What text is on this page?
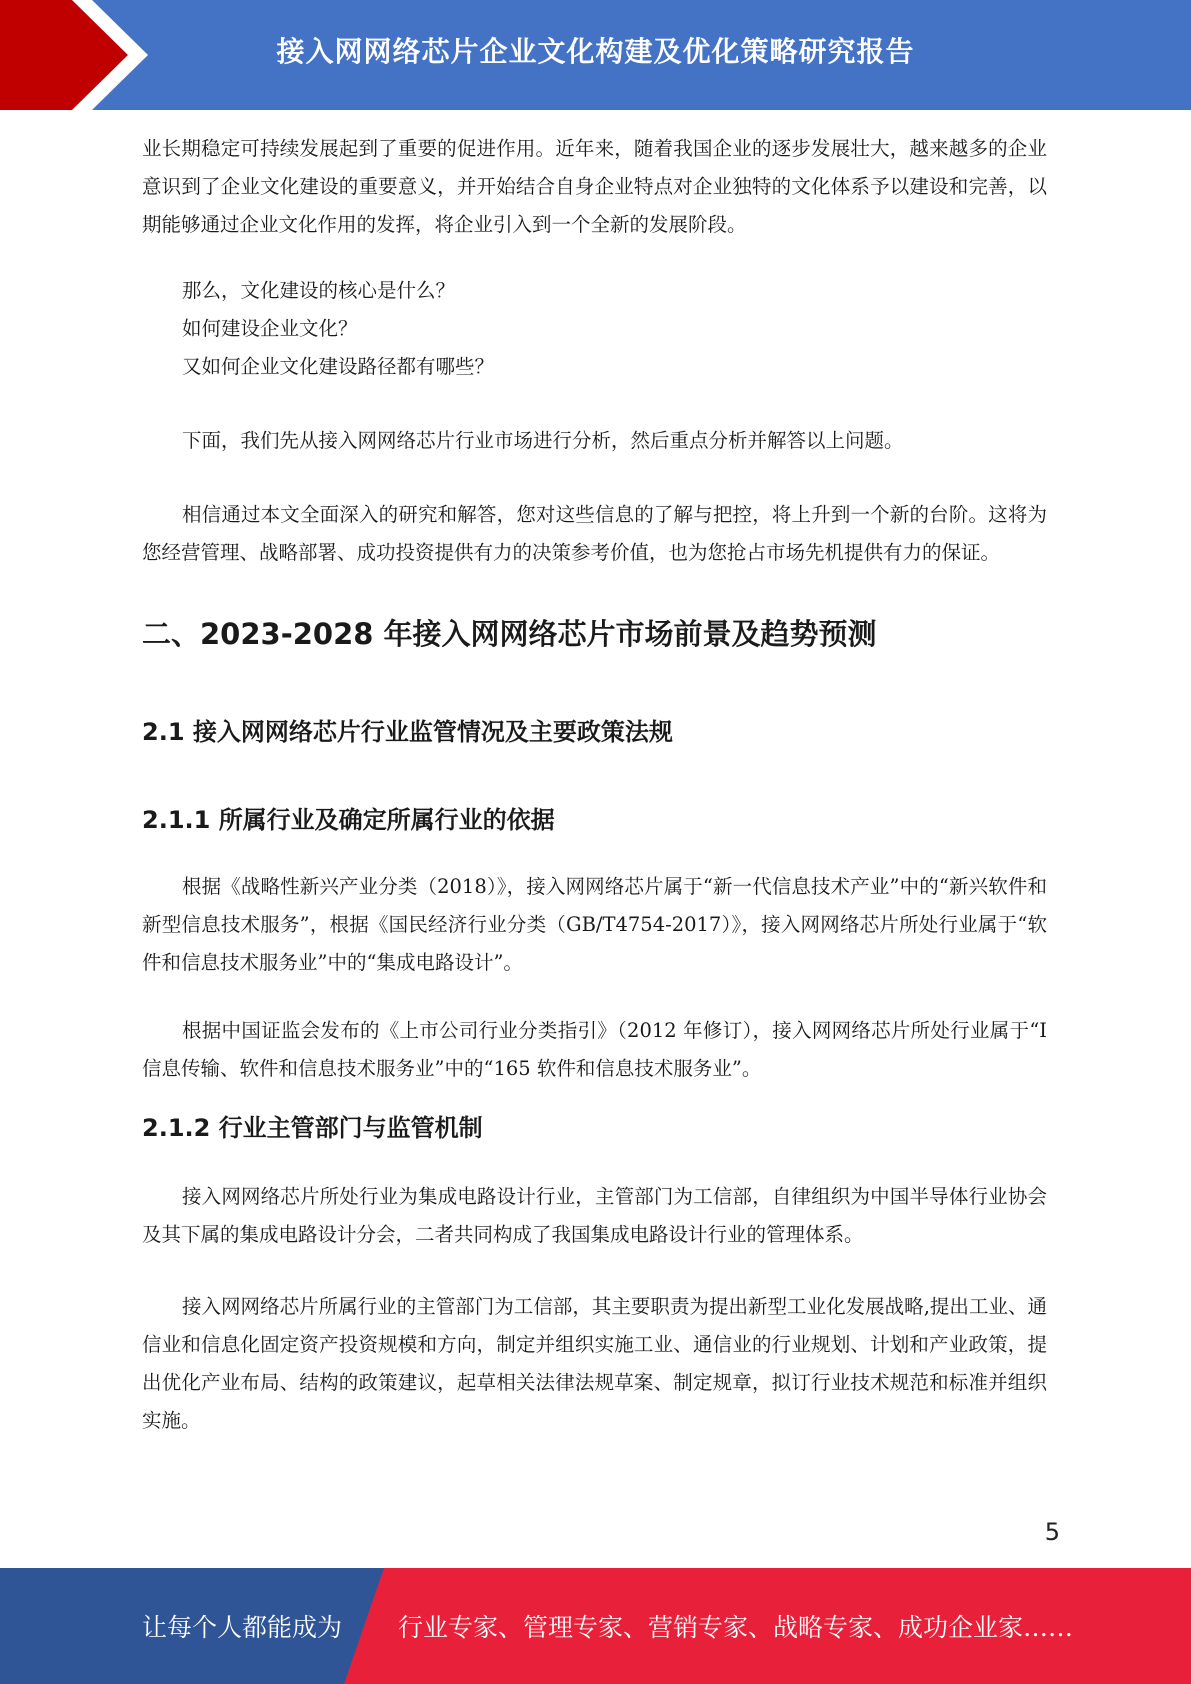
接入网网络芯片企业文化构建及优化策略研究报告

业长期稳定可持续发展起到了重要的促进作用。近年来，随着我国企业的逐步发展壮大，越来越多的企业意识到了企业文化建设的重要意义，并开始结合自身企业特点对企业独特的文化体系予以建设和完善，以期能够通过企业文化作用的发挥，将企业引入到一个全新的发展阶段。

那么，文化建设的核心是什么？

如何建设企业文化？

又如何企业文化建设路径都有哪些？

下面，我们先从接入网网络芯片行业市场进行分析，然后重点分析并解答以上问题。

相信通过本文全面深入的研究和解答，您对这些信息的了解与把控，将上升到一个新的台阶。这将为您经营管理、战略部署、成功投资提供有力的决策参考价值，也为您抢占市场先机提供有力的保证。

二、2023-2028 年接入网网络芯片市场前景及趋势预测
2.1 接入网网络芯片行业监管情况及主要政策法规
2.1.1 所属行业及确定所属行业的依据

根据《战略性新兴产业分类（2018）》，接入网网络芯片属于“新一代信息技术产业”中的“新兴软件和新型信息技术服务”，根据《国民经济行业分类（GB/T4754-2017）》，接入网网络芯片所处行业属于“软件和信息技术服务业”中的“集成电路设计”。

根据中国证监会发布的《上市公司行业分类指引》（2012 年修订），接入网网络芯片所处行业属于“I 信息传输、软件和信息技术服务业”中的“165 软件和信息技术服务业”。

2.1.2 行业主管部门与监管机制

接入网网络芯片所处行业为集成电路设计行业，主管部门为工信部，自律组织为中国半导体行业协会及其下属的集成电路设计分会，二者共同构成了我国集成电路设计行业的管理体系。

接入网网络芯片所属行业的主管部门为工信部，其主要职责为提出新型工业化发展战略,提出工业、通信业和信息化固定资产投资规模和方向，制定并组织实施工业、通信业的行业规划、计划和产业政策，提出优化产业布局、结构的政策建议，起草相关法律法规草案、制定规章，拟订行业技术规范和标准并组织实施。

5
让每个人都能成为 行业专家、管理专家、营销专家、战略专家、成功企业家……
